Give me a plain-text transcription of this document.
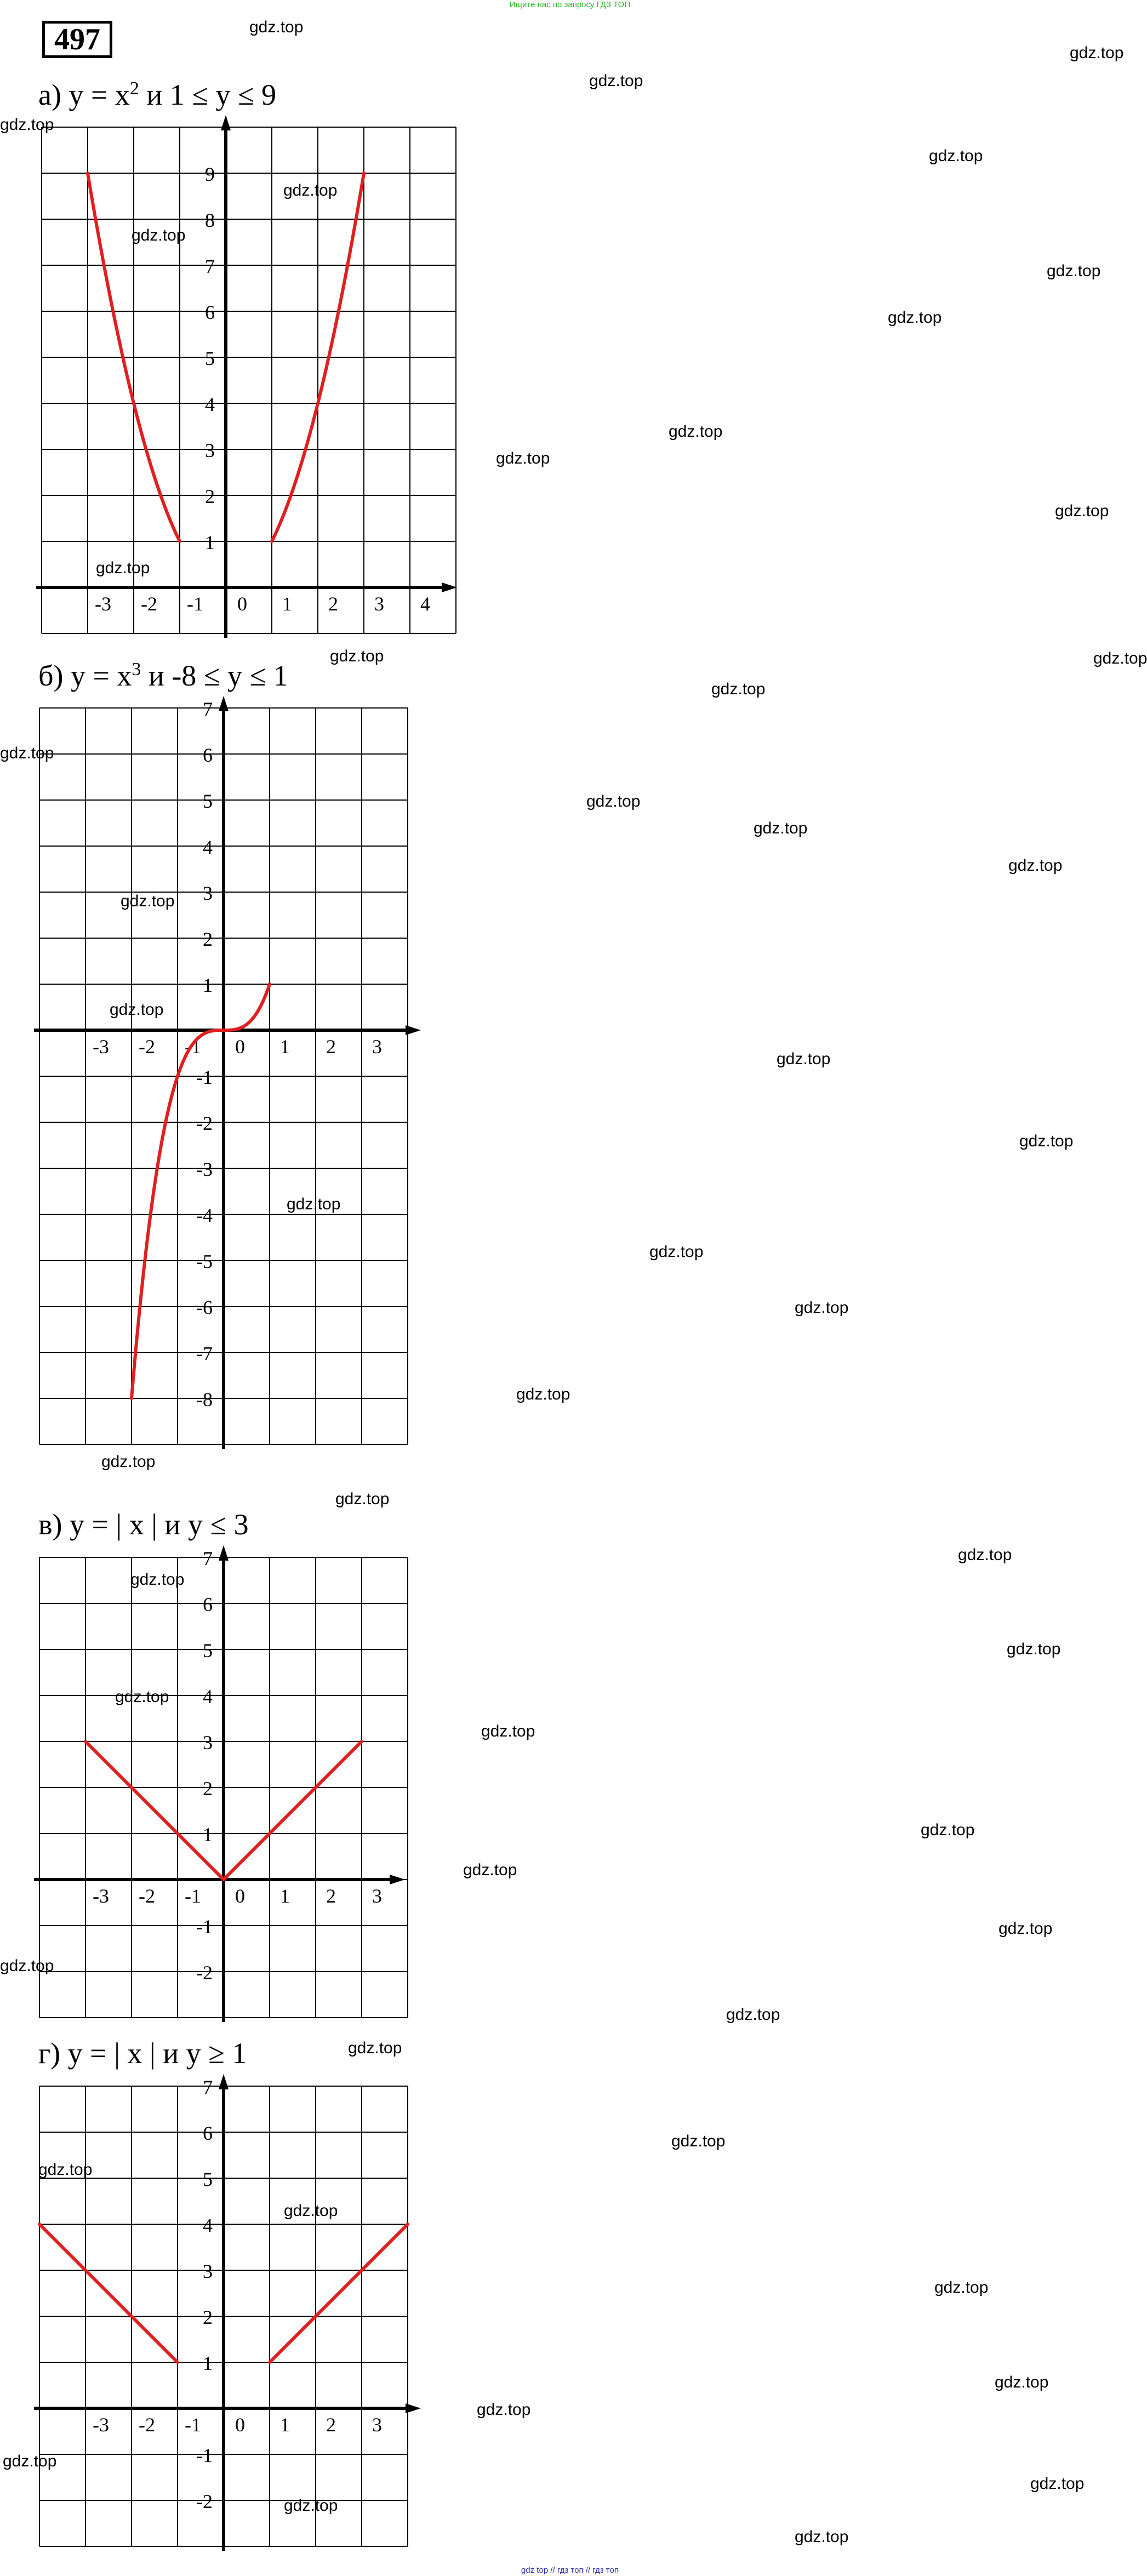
Ищите нас по запросу ГДЗ ТОП
497
а) $y = x^2$ и 1 ≤ y ≤ 9
б) $y = x^3$ и -8 ≤ y ≤ 1
в) y = | x | и y ≤ 3
г) y = | x | и y ≥ 1
-3 -2 -1 0 1 2 3 4
1
2
3
4
5
6
7
8
9
-3 -2 -1 0 1 2 3
7
6
5
4
3
2
1
-1
-2
-3
-4
-5
-6
-7
-8
-3 -2 -1 0 1 2 3
7
6
5
4
3
2
1
-1
-2
-3 -2 -1 0 1 2 3
7
6
5
4
3
2
1
-1
-2
gdz.top
gdz.top
gdz.top
gdz.top
gdz.top
gdz.top
gdz.top
gdz.top
gdz.top
gdz.top
gdz.top
gdz.top
gdz.top
gdz.top
gdz.top
gdz.top
gdz.top
gdz.top
gdz.top
gdz.top
gdz.top
gdz.top
gdz.top
gdz.top
gdz.top
gdz.top
gdz.top
gdz.top
gdz.top
gdz.top
gdz.top
gdz.top
gdz.top
gdz.top
gdz.top
gdz.top
gdz.top
gdz.top
gdz.top
gdz.top
gdz.top
gdz.top
gdz.top
gdz.top
gdz.top
gdz.top
gdz.top
gdz.top
gdz.top
gdz.top
gdz.top
gdz top // гдз топ // гдз топ
